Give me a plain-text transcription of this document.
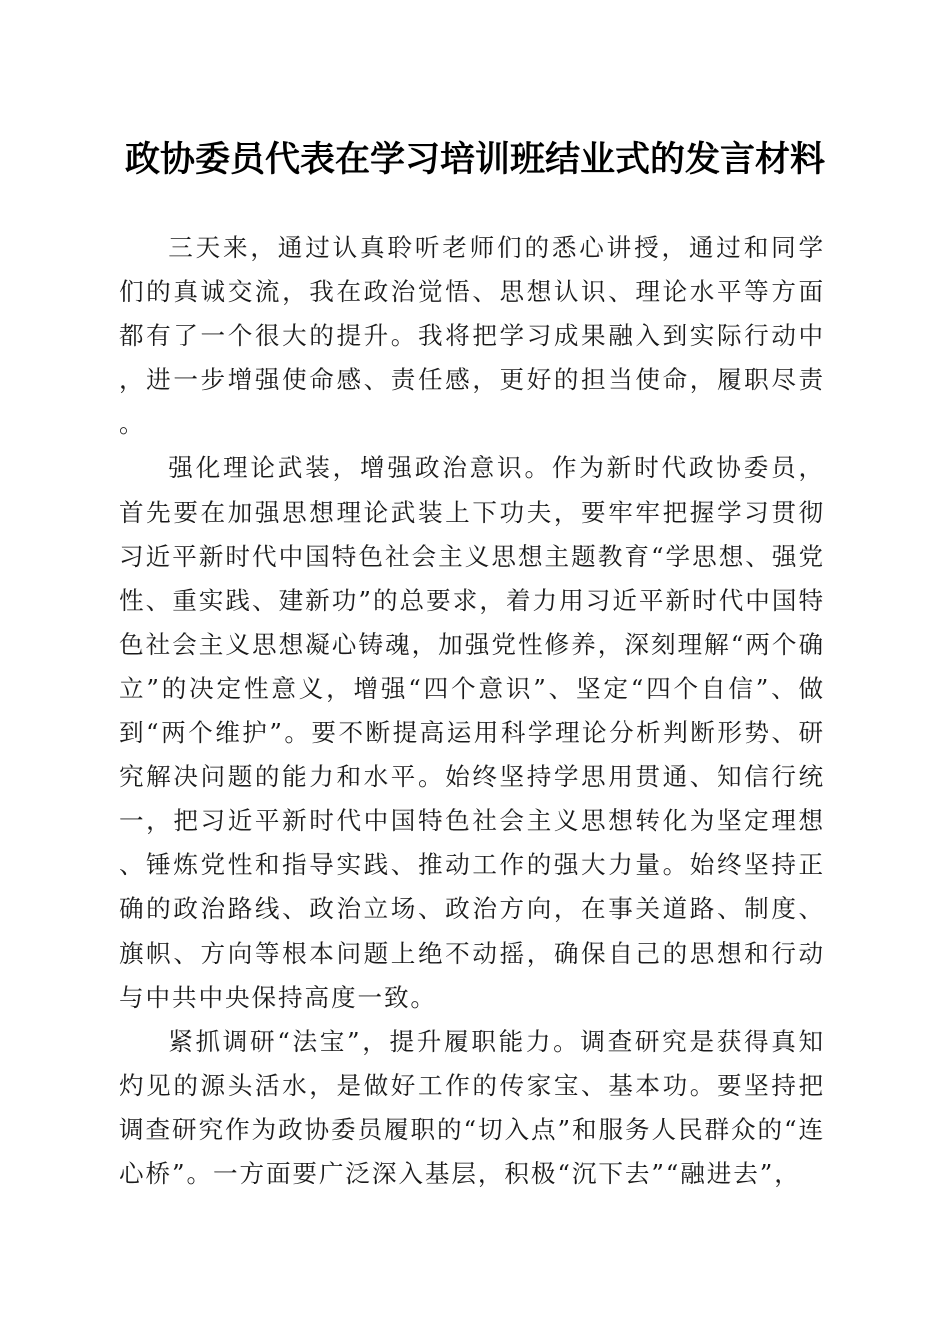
政协委员代表在学习培训班结业式的发言材料

三天来，通过认真聆听老师们的悉心讲授，通过和同学们的真诚交流，我在政治觉悟、思想认识、理论水平等方面都有了一个很大的提升。我将把学习成果融入到实际行动中，进一步增强使命感、责任感，更好的担当使命，履职尽责。

强化理论武装，增强政治意识。作为新时代政协委员，首先要在加强思想理论武装上下功夫，要牢牢把握学习贯彻习近平新时代中国特色社会主义思想主题教育“学思想、强党性、重实践、建新功”的总要求，着力用习近平新时代中国特色社会主义思想凝心铸魂，加强党性修养，深刻理解“两个确立”的决定性意义，增强“四个意识”、坚定“四个自信”、做到“两个维护”。要不断提高运用科学理论分析判断形势、研究解决问题的能力和水平。始终坚持学思用贯通、知信行统一，把习近平新时代中国特色社会主义思想转化为坚定理想、锤炼党性和指导实践、推动工作的强大力量。始终坚持正确的政治路线、政治立场、政治方向，在事关道路、制度、旗帜、方向等根本问题上绝不动摇，确保自己的思想和行动与中共中央保持高度一致。

紧抓调研“法宝”，提升履职能力。调查研究是获得真知灼见的源头活水，是做好工作的传家宝、基本功。要坚持把调查研究作为政协委员履职的“切入点”和服务人民群众的“连心桥”。一方面要广泛深入基层，积极“沉下去”“融进去”，
